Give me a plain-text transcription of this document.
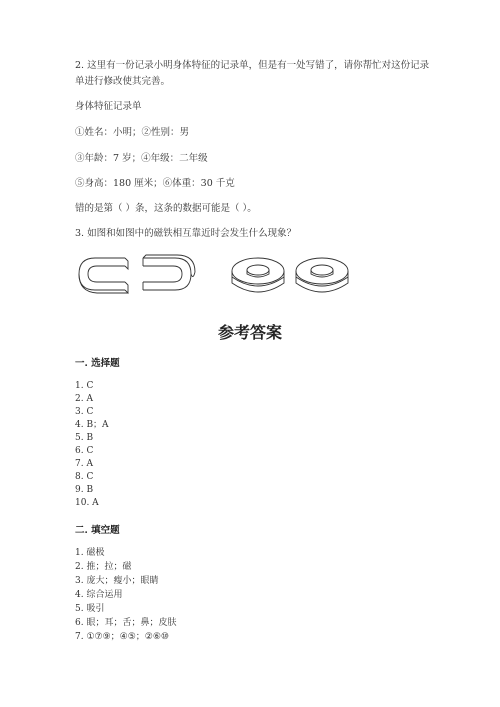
2. 这里有一份记录小明身体特征的记录单，但是有一处写错了，请你帮忙对这份记录单进行修改使其完善。
身体特征记录单
①姓名：小明；②性别：男
③年龄：7 岁；④年级：二年级
⑤身高：180 厘米；⑥体重：30 千克
错的是第（ ）条，这条的数据可能是（ ）。
3. 如图和如图中的磁铁相互靠近时会发生什么现象？
参考答案
一. 选择题
1. C
2. A
3. C
4. B；A
5. B
6. C
7. A
8. C
9. B
10. A
二. 填空题
1. 磁极
2. 推；拉；磁
3. 庞大；瘦小；眼睛
4. 综合运用
5. 吸引
6. 眼；耳；舌；鼻；皮肤
7. ①⑦⑨；④⑤；②⑥⑩
